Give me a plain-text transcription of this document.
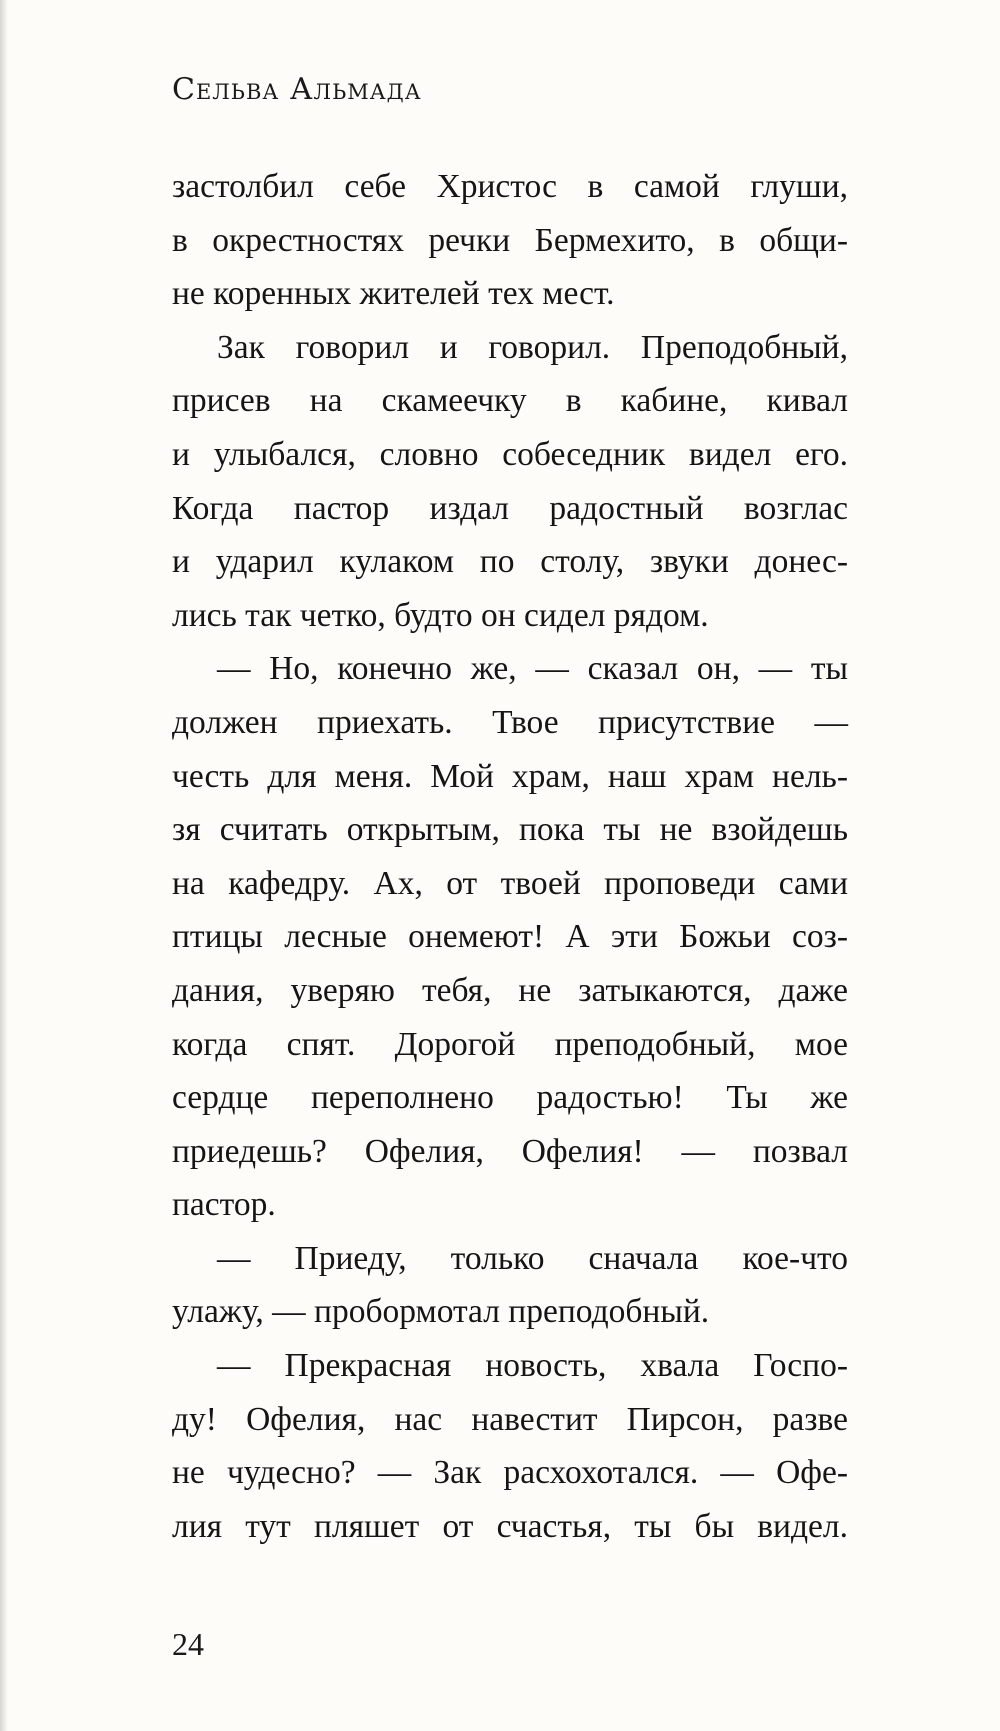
Сельва Альмада
застолбил себе Христос в самой глуши,
в окрестностях речки Бермехито, в общи-
не коренных жителей тех мест.
Зак говорил и говорил. Преподобный,
присев на скамеечку в кабине, кивал
и улыбался, словно собеседник видел его.
Когда пастор издал радостный возглас
и ударил кулаком по столу, звуки донес-
лись так четко, будто он сидел рядом.
— Но, конечно же, — сказал он, — ты
должен приехать. Твое присутствие —
честь для меня. Мой храм, наш храм нель-
зя считать открытым, пока ты не взойдешь
на кафедру. Ах, от твоей проповеди сами
птицы лесные онемеют! А эти Божьи соз-
дания, уверяю тебя, не затыкаются, даже
когда спят. Дорогой преподобный, мое
сердце переполнено радостью! Ты же
приедешь? Офелия, Офелия! — позвал
пастор.
— Приеду, только сначала кое-что
улажу, — пробормотал преподобный.
— Прекрасная новость, хвала Госпо-
ду! Офелия, нас навестит Пирсон, разве
не чудесно? — Зак расхохотался. — Офе-
лия тут пляшет от счастья, ты бы видел.
24
